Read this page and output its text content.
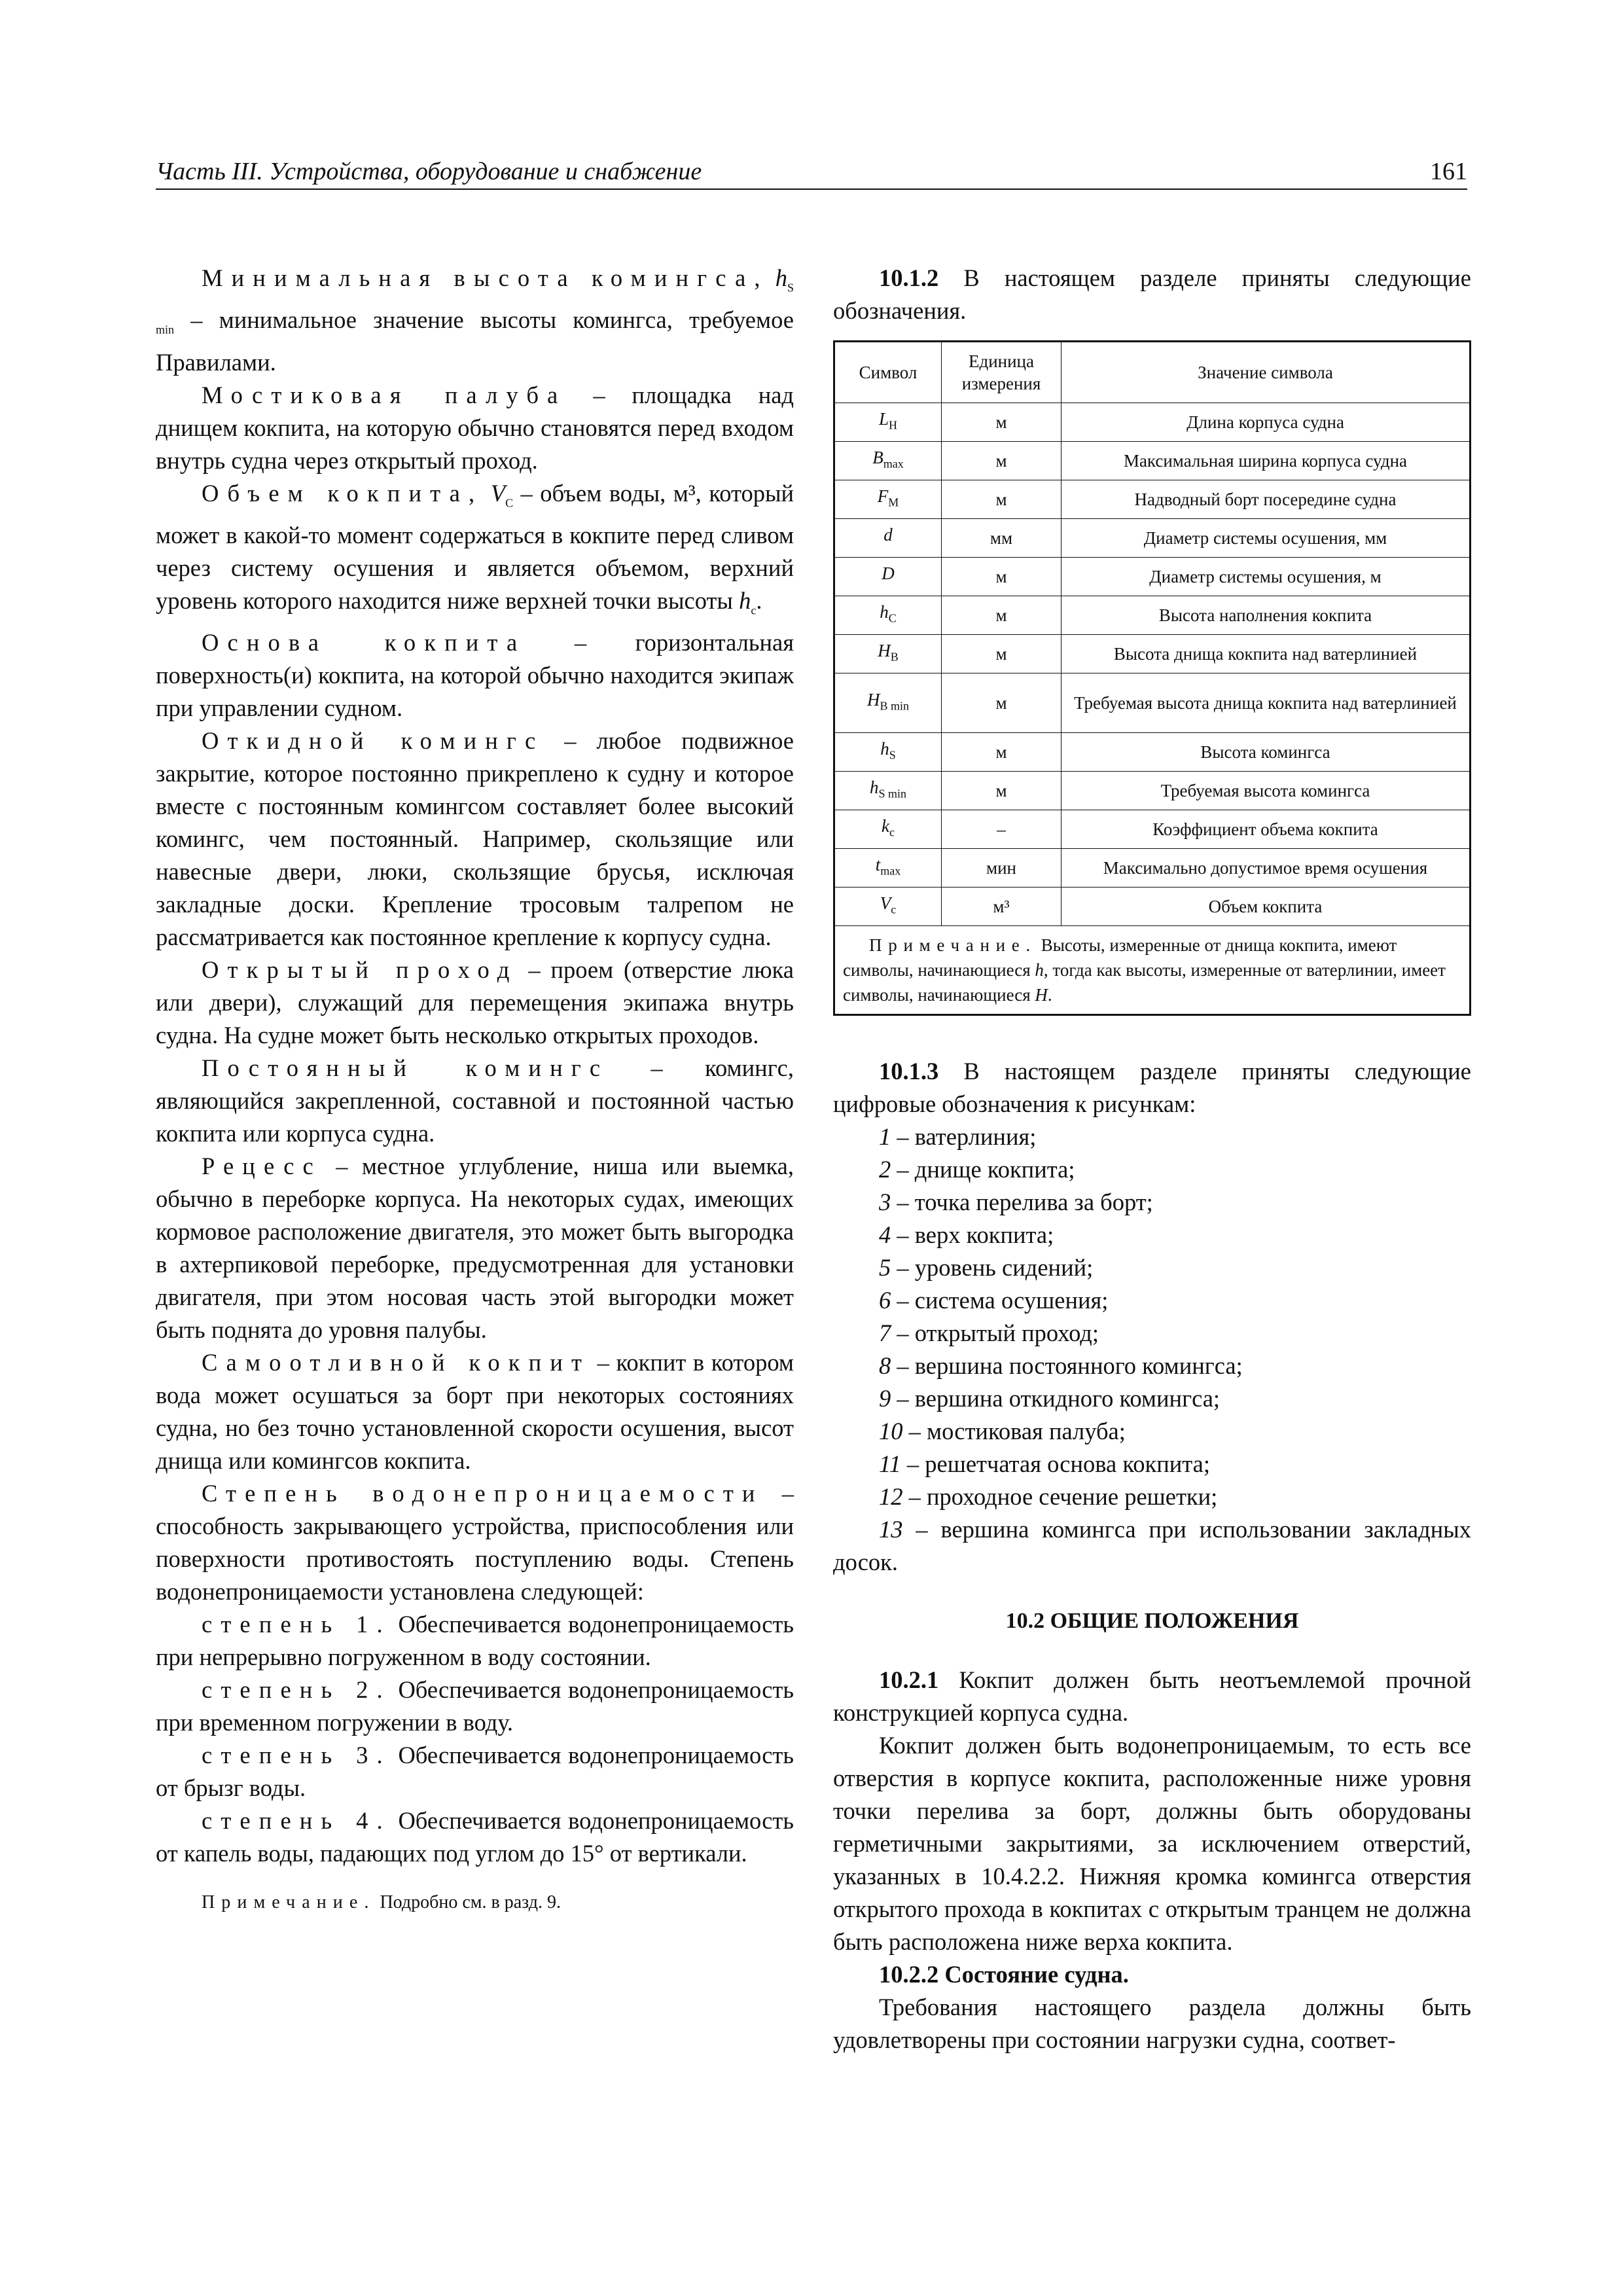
Часть III. Устройства, оборудование и снабжение	161

Минимальная высота комингса, $h_{S min}$ – минимальное значение высоты комингса, требуемое Правилами.

Мостиковая палуба – площадка над днищем кокпита, на которую обычно становятся перед входом внутрь судна через открытый проход.

Объем кокпита, $V_C$ – объем воды, м³, который может в какой-то момент содержаться в кокпите перед сливом через систему осушения и является объемом, верхний уровень которого находится ниже верхней точки высоты $h_c$.

Основа кокпита – горизонтальная поверхность(и) кокпита, на которой обычно находится экипаж при управлении судном.

Откидной комингс – любое подвижное закрытие, которое постоянно прикреплено к судну и которое вместе с постоянным комингсом составляет более высокий комингс, чем постоянный. Например, скользящие или навесные двери, люки, скользящие брусья, исключая закладные доски. Крепление тросовым талрепом не рассматривается как постоянное крепление к корпусу судна.

Открытый проход – проем (отверстие люка или двери), служащий для перемещения экипажа внутрь судна. На судне может быть несколько открытых проходов.

Постоянный комингс – комингс, являющийся закрепленной, составной и постоянной частью кокпита или корпуса судна.

Рецесс – местное углубление, ниша или выемка, обычно в переборке корпуса. На некоторых судах, имеющих кормовое расположение двигателя, это может быть выгородка в ахтерпиковой переборке, предусмотренная для установки двигателя, при этом носовая часть этой выгородки может быть поднята до уровня палубы.

Самоотливной кокпит – кокпит в котором вода может осушаться за борт при некоторых состояниях судна, но без точно установленной скорости осушения, высот днища или комингсов кокпита.

Степень водонепроницаемости – способность закрывающего устройства, приспособления или поверхности противостоять поступлению воды. Степень водонепроницаемости установлена следующей:

степень 1. Обеспечивается водонепроницаемость при непрерывно погруженном в воду состоянии.

степень 2. Обеспечивается водонепроницаемость при временном погружении в воду.

степень 3. Обеспечивается водонепроницаемость от брызг воды.

степень 4. Обеспечивается водонепроницаемость от капель воды, падающих под углом до 15° от вертикали.

Примечание. Подробно см. в разд. 9.

10.1.2 В настоящем разделе приняты следующие обозначения.

Символ	Единица измерения	Значение символа
$L_H$	м	Длина корпуса судна
$B_{max}$	м	Максимальная ширина корпуса судна
$F_M$	м	Надводный борт посередине судна
d	мм	Диаметр системы осушения, мм
D	м	Диаметр системы осушения, м
$h_C$	м	Высота наполнения кокпита
$H_B$	м	Высота днища кокпита над ватерлинией
$H_{B min}$	м	Требуемая высота днища кокпита над ватерлинией
$h_S$	м	Высота комингса
$h_{S min}$	м	Требуемая высота комингса
$k_c$	–	Коэффициент объема кокпита
$t_{max}$	мин	Максимально допустимое время осушения
$V_c$	м³	Объем кокпита
Примечание. Высоты, измеренные от днища кокпита, имеют символы, начинающиеся h, тогда как высоты, измеренные от ватерлинии, имеет символы, начинающиеся H.		

10.1.3 В настоящем разделе приняты следующие цифровые обозначения к рисункам:

1 – ватерлиния;
2 – днище кокпита;
3 – точка перелива за борт;
4 – верх кокпита;
5 – уровень сидений;
6 – система осушения;
7 – открытый проход;
8 – вершина постоянного комингса;
9 – вершина откидного комингса;
10 – мостиковая палуба;
11 – решетчатая основа кокпита;
12 – проходное сечение решетки;

13 – вершина комингса при использовании закладных досок.

10.2 ОБЩИЕ ПОЛОЖЕНИЯ

10.2.1 Кокпит должен быть неотъемлемой прочной конструкцией корпуса судна.

Кокпит должен быть водонепроницаемым, то есть все отверстия в корпусе кокпита, расположенные ниже уровня точки перелива за борт, должны быть оборудованы герметичными закрытиями, за исключением отверстий, указанных в 10.4.2.2. Нижняя кромка комингса отверстия открытого прохода в кокпитах с открытым транцем не должна быть расположена ниже верха кокпита.

10.2.2 Состояние судна.

Требования настоящего раздела должны быть удовлетворены при состоянии нагрузки судна, соответ-
